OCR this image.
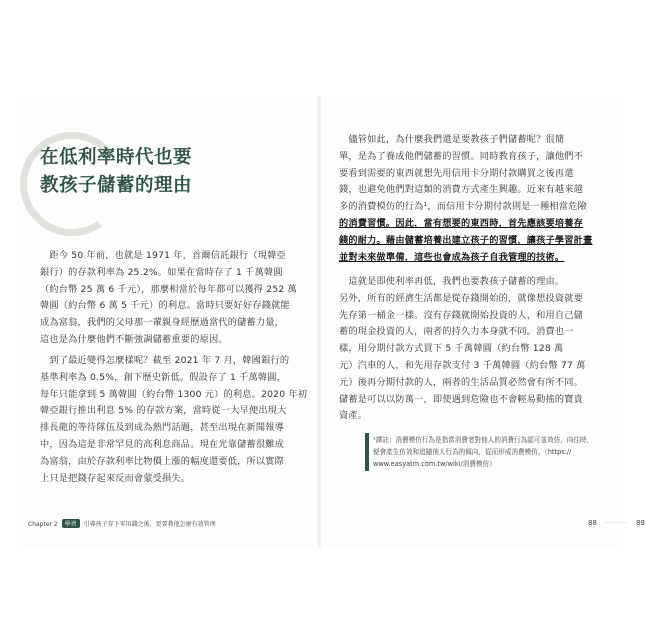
在低利率時代也要
教孩子儲蓄的理由
　距今 50 年前，也就是 1971 年，首爾信託銀行（現韓亞
銀行）的存款利率為 25.2%。如果在當時存了 1 千萬韓圓
（約台幣 25 萬 6 千元），那麼相當於每年都可以獲得 252 萬
韓圓（約台幣 6 萬 5 千元）的利息。當時只要好好存錢就能
成為富翁，我們的父母那一輩親身經歷過當代的儲蓄力量，
這也是為什麼他們不斷強調儲蓄重要的原因。
　到了最近變得怎麼樣呢？截至 2021 年 7 月，韓國銀行的
基準利率為 0.5%，創下歷史新低。假設存了 1 千萬韓圓，
每年只能拿到 5 萬韓圓（約台幣 1300 元）的利息。2020 年初
韓亞銀行推出利息 5% 的存款方案，當時從一大早便出現大
排長龍的等待隊伍及到成為熱門話題，甚至出現在新聞報導
中，因為這是非常罕見的高利息商品。現在光靠儲蓄很難成
為富翁，由於存款利率比物價上漲的幅度還要低，所以實際
上只是把錢存起來反而會蒙受損失。
Chapter 2 學習 引導孩子存下零用錢之後，更要教他怎麼有效管理
　儘管如此，為什麼我們還是要教孩子們儲蓄呢？很簡
單，是為了養成他們儲蓄的習慣。同時教育孩子，讓他們不
要看到需要的東西就想先用信用卡分期付款購買之後再還
錢，也避免他們對這類的消費方式產生興趣。近來有越來越
多的消費模仿的行為¹，而信用卡分期付款則是一種相當危險
的消費習慣。因此，當有想要的東西時，首先應該要培養存
錢的耐力。藉由儲蓄培養出建立孩子的習慣，讓孩子學習計畫
並對未來做準備，這些也會成為孩子自我管理的技術。
　這就是即使利率再低，我們也要教孩子儲蓄的理由。
另外，所有的經濟生活都是從存錢開始的，就像想投資就要
先存第一桶金一樣。沒有存錢就開始投資的人，和用自己儲
蓄的現金投資的人，兩者的持久力本身就不同。消費也一
樣，用分期付款方式買下 5 千萬韓圓（約台幣 128 萬
元）汽車的人，和先用存款支付 3 千萬韓圓（約台幣 77 萬
元）後再分期付款的人，兩者的生活品質必然會有所不同。
儲蓄是可以以防萬一，即使遇到危險也不會輕易動搖的寶貴
資產。
¹譯註：消費模仿行為是指當消費者對他人的消費行為認可並效仿，向往時，
便會產生仿效和追隨他人行為的傾向，從而形成消費模仿。（https://
www.easyatm.com.tw/wiki/消費模仿）
88 ······· 89
